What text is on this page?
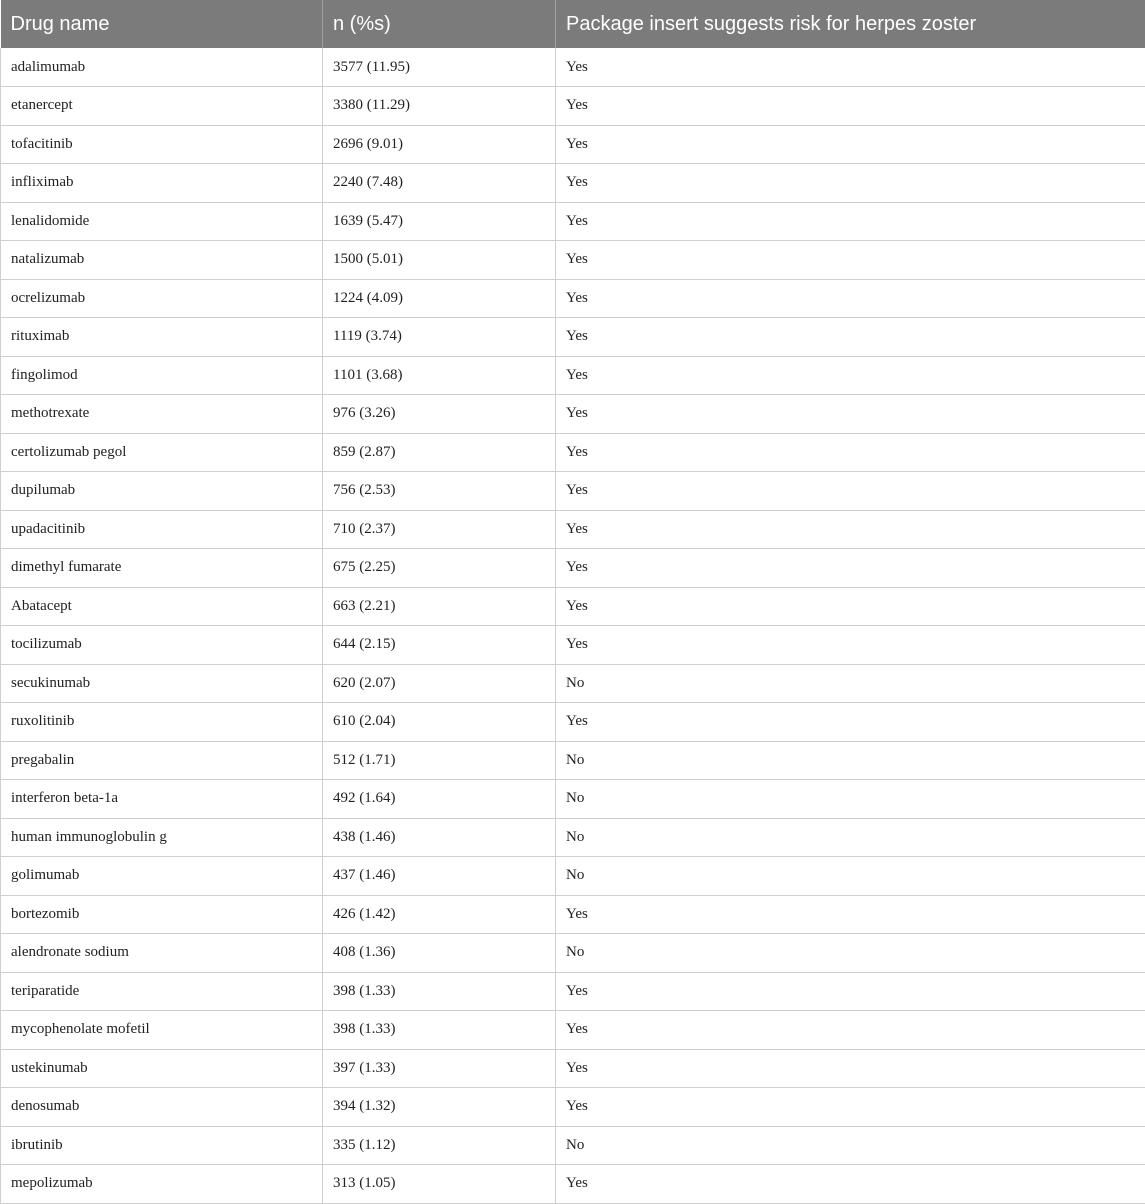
Drug name	n (%s)	Package insert suggests risk for herpes zoster
adalimumab	3577 (11.95)	Yes
etanercept	3380 (11.29)	Yes
tofacitinib	2696 (9.01)	Yes
infliximab	2240 (7.48)	Yes
lenalidomide	1639 (5.47)	Yes
natalizumab	1500 (5.01)	Yes
ocrelizumab	1224 (4.09)	Yes
rituximab	1119 (3.74)	Yes
fingolimod	1101 (3.68)	Yes
methotrexate	976 (3.26)	Yes
certolizumab pegol	859 (2.87)	Yes
dupilumab	756 (2.53)	Yes
upadacitinib	710 (2.37)	Yes
dimethyl fumarate	675 (2.25)	Yes
Abatacept	663 (2.21)	Yes
tocilizumab	644 (2.15)	Yes
secukinumab	620 (2.07)	No
ruxolitinib	610 (2.04)	Yes
pregabalin	512 (1.71)	No
interferon beta-1a	492 (1.64)	No
human immunoglobulin g	438 (1.46)	No
golimumab	437 (1.46)	No
bortezomib	426 (1.42)	Yes
alendronate sodium	408 (1.36)	No
teriparatide	398 (1.33)	Yes
mycophenolate mofetil	398 (1.33)	Yes
ustekinumab	397 (1.33)	Yes
denosumab	394 (1.32)	Yes
ibrutinib	335 (1.12)	No
mepolizumab	313 (1.05)	Yes
